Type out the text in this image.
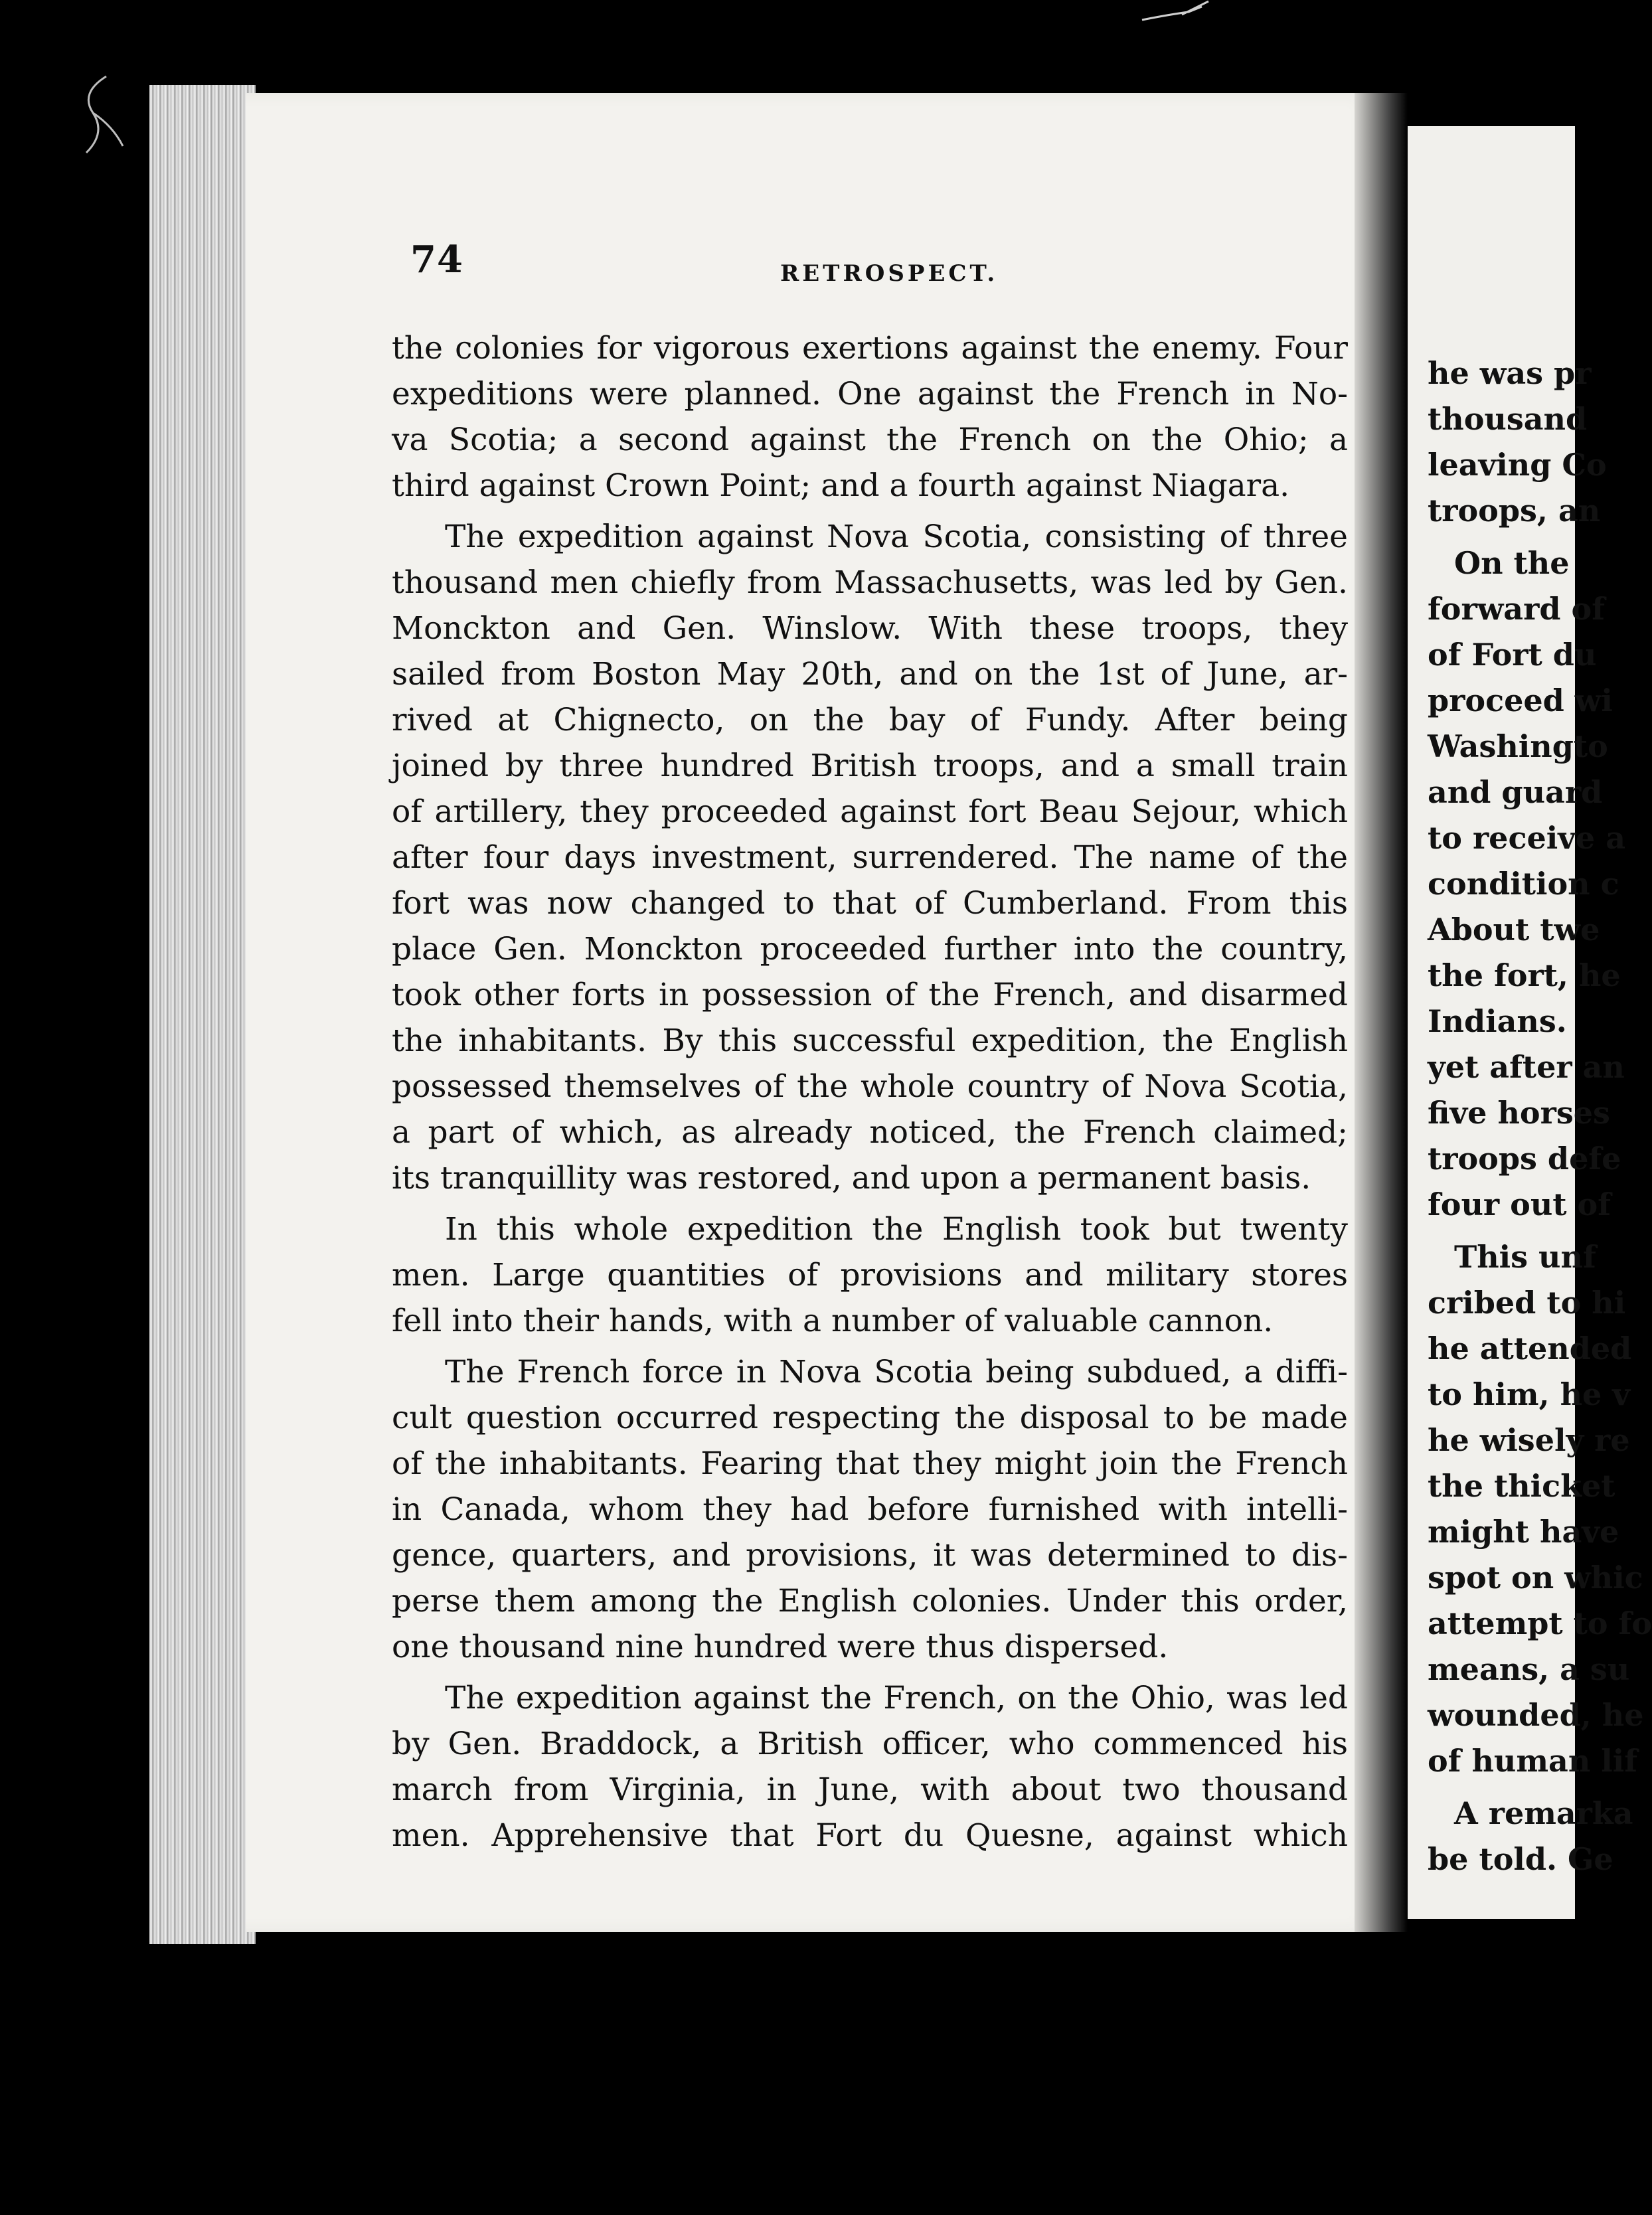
74	RETROSPECT.
the colonies for vigorous exertions against the enemy. Four
expeditions were planned. One against the French in No-
va Scotia; a second against the French on the Ohio; a
third against Crown Point; and a fourth against Niagara.
The expedition against Nova Scotia, consisting of three
thousand men chiefly from Massachusetts, was led by Gen.
Monckton and Gen. Winslow. With these troops, they
sailed from Boston May 20th, and on the 1st of June, ar-
rived at Chignecto, on the bay of Fundy. After being
joined by three hundred British troops, and a small train
of artillery, they proceeded against fort Beau Sejour, which
after four days investment, surrendered. The name of the
fort was now changed to that of Cumberland. From this
place Gen. Monckton proceeded further into the country,
took other forts in possession of the French, and disarmed
the inhabitants. By this successful expedition, the English
possessed themselves of the whole country of Nova Scotia,
a part of which, as already noticed, the French claimed;
its tranquillity was restored, and upon a permanent basis.
In this whole expedition the English took but twenty
men. Large quantities of provisions and military stores
fell into their hands, with a number of valuable cannon.
The French force in Nova Scotia being subdued, a diffi-
cult question occurred respecting the disposal to be made
of the inhabitants. Fearing that they might join the French
in Canada, whom they had before furnished with intelli-
gence, quarters, and provisions, it was determined to dis-
perse them among the English colonies. Under this order,
one thousand nine hundred were thus dispersed.
The expedition against the French, on the Ohio, was led
by Gen. Braddock, a British officer, who commenced his
march from Virginia, in June, with about two thousand
men. Apprehensive that Fort du Quesne, against which
he was pr
thousand
leaving Co
troops, an
On the
forward of
of Fort du
proceed wi
Washingto
and guard
to receive a
condition c
About twe
the fort, he
Indians.
yet after an
five horses
troops defe
four out of
This unf
cribed to hi
he attended
to him, he v
he wisely re
the thicket
might have
spot on whic
attempt to fo
means, a su
wounded, he
of human lif
A remarka
be told. Ge
